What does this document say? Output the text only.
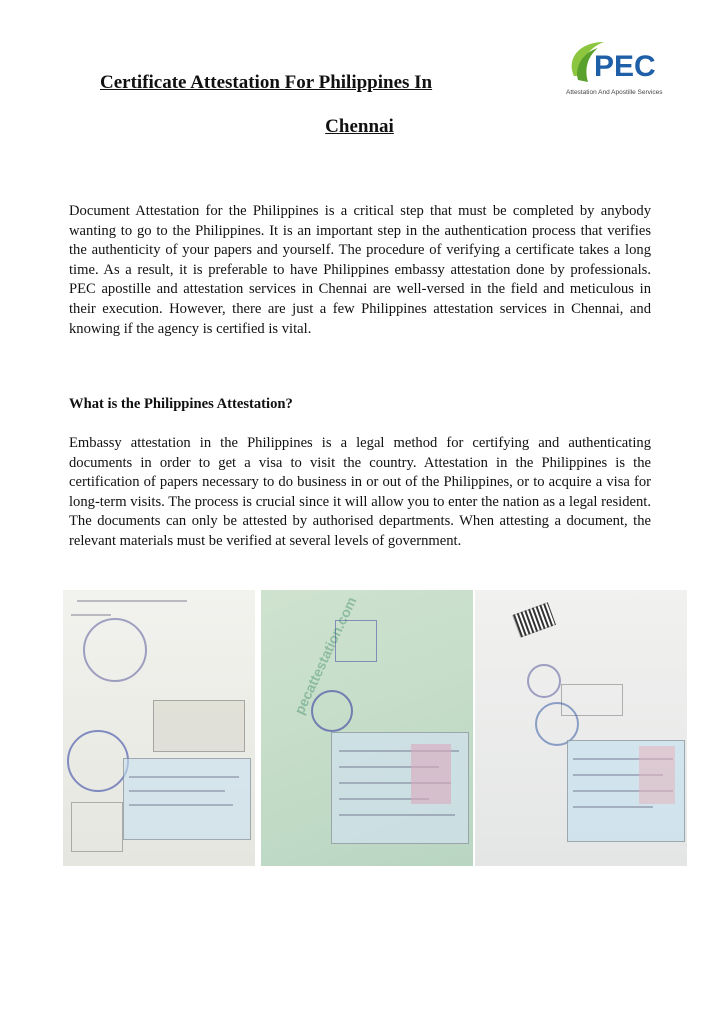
PEC
Attestation And Apostille Services
Certificate Attestation For Philippines In
Chennai

Document Attestation for the Philippines is a critical step that must be completed by anybody wanting to go to the Philippines. It is an important step in the authentication process that verifies the authenticity of your papers and yourself. The procedure of verifying a certificate takes a long time. As a result, it is preferable to have Philippines embassy attestation done by professionals. PEC apostille and attestation services in Chennai are well-versed in the field and meticulous in their execution. However, there are just a few Philippines attestation services in Chennai, and knowing if the agency is certified is vital.

What is the Philippines Attestation?

Embassy attestation in the Philippines is a legal method for certifying and authenticating documents in order to get a visa to visit the country. Attestation in the Philippines is the certification of papers necessary to do business in or out of the Philippines, or to acquire a visa for long-term visits. The process is crucial since it will allow you to enter the nation as a legal resident. The documents can only be attested by authorised departments. When attesting a document, the relevant materials must be verified at several levels of government.

pecattestation.com
